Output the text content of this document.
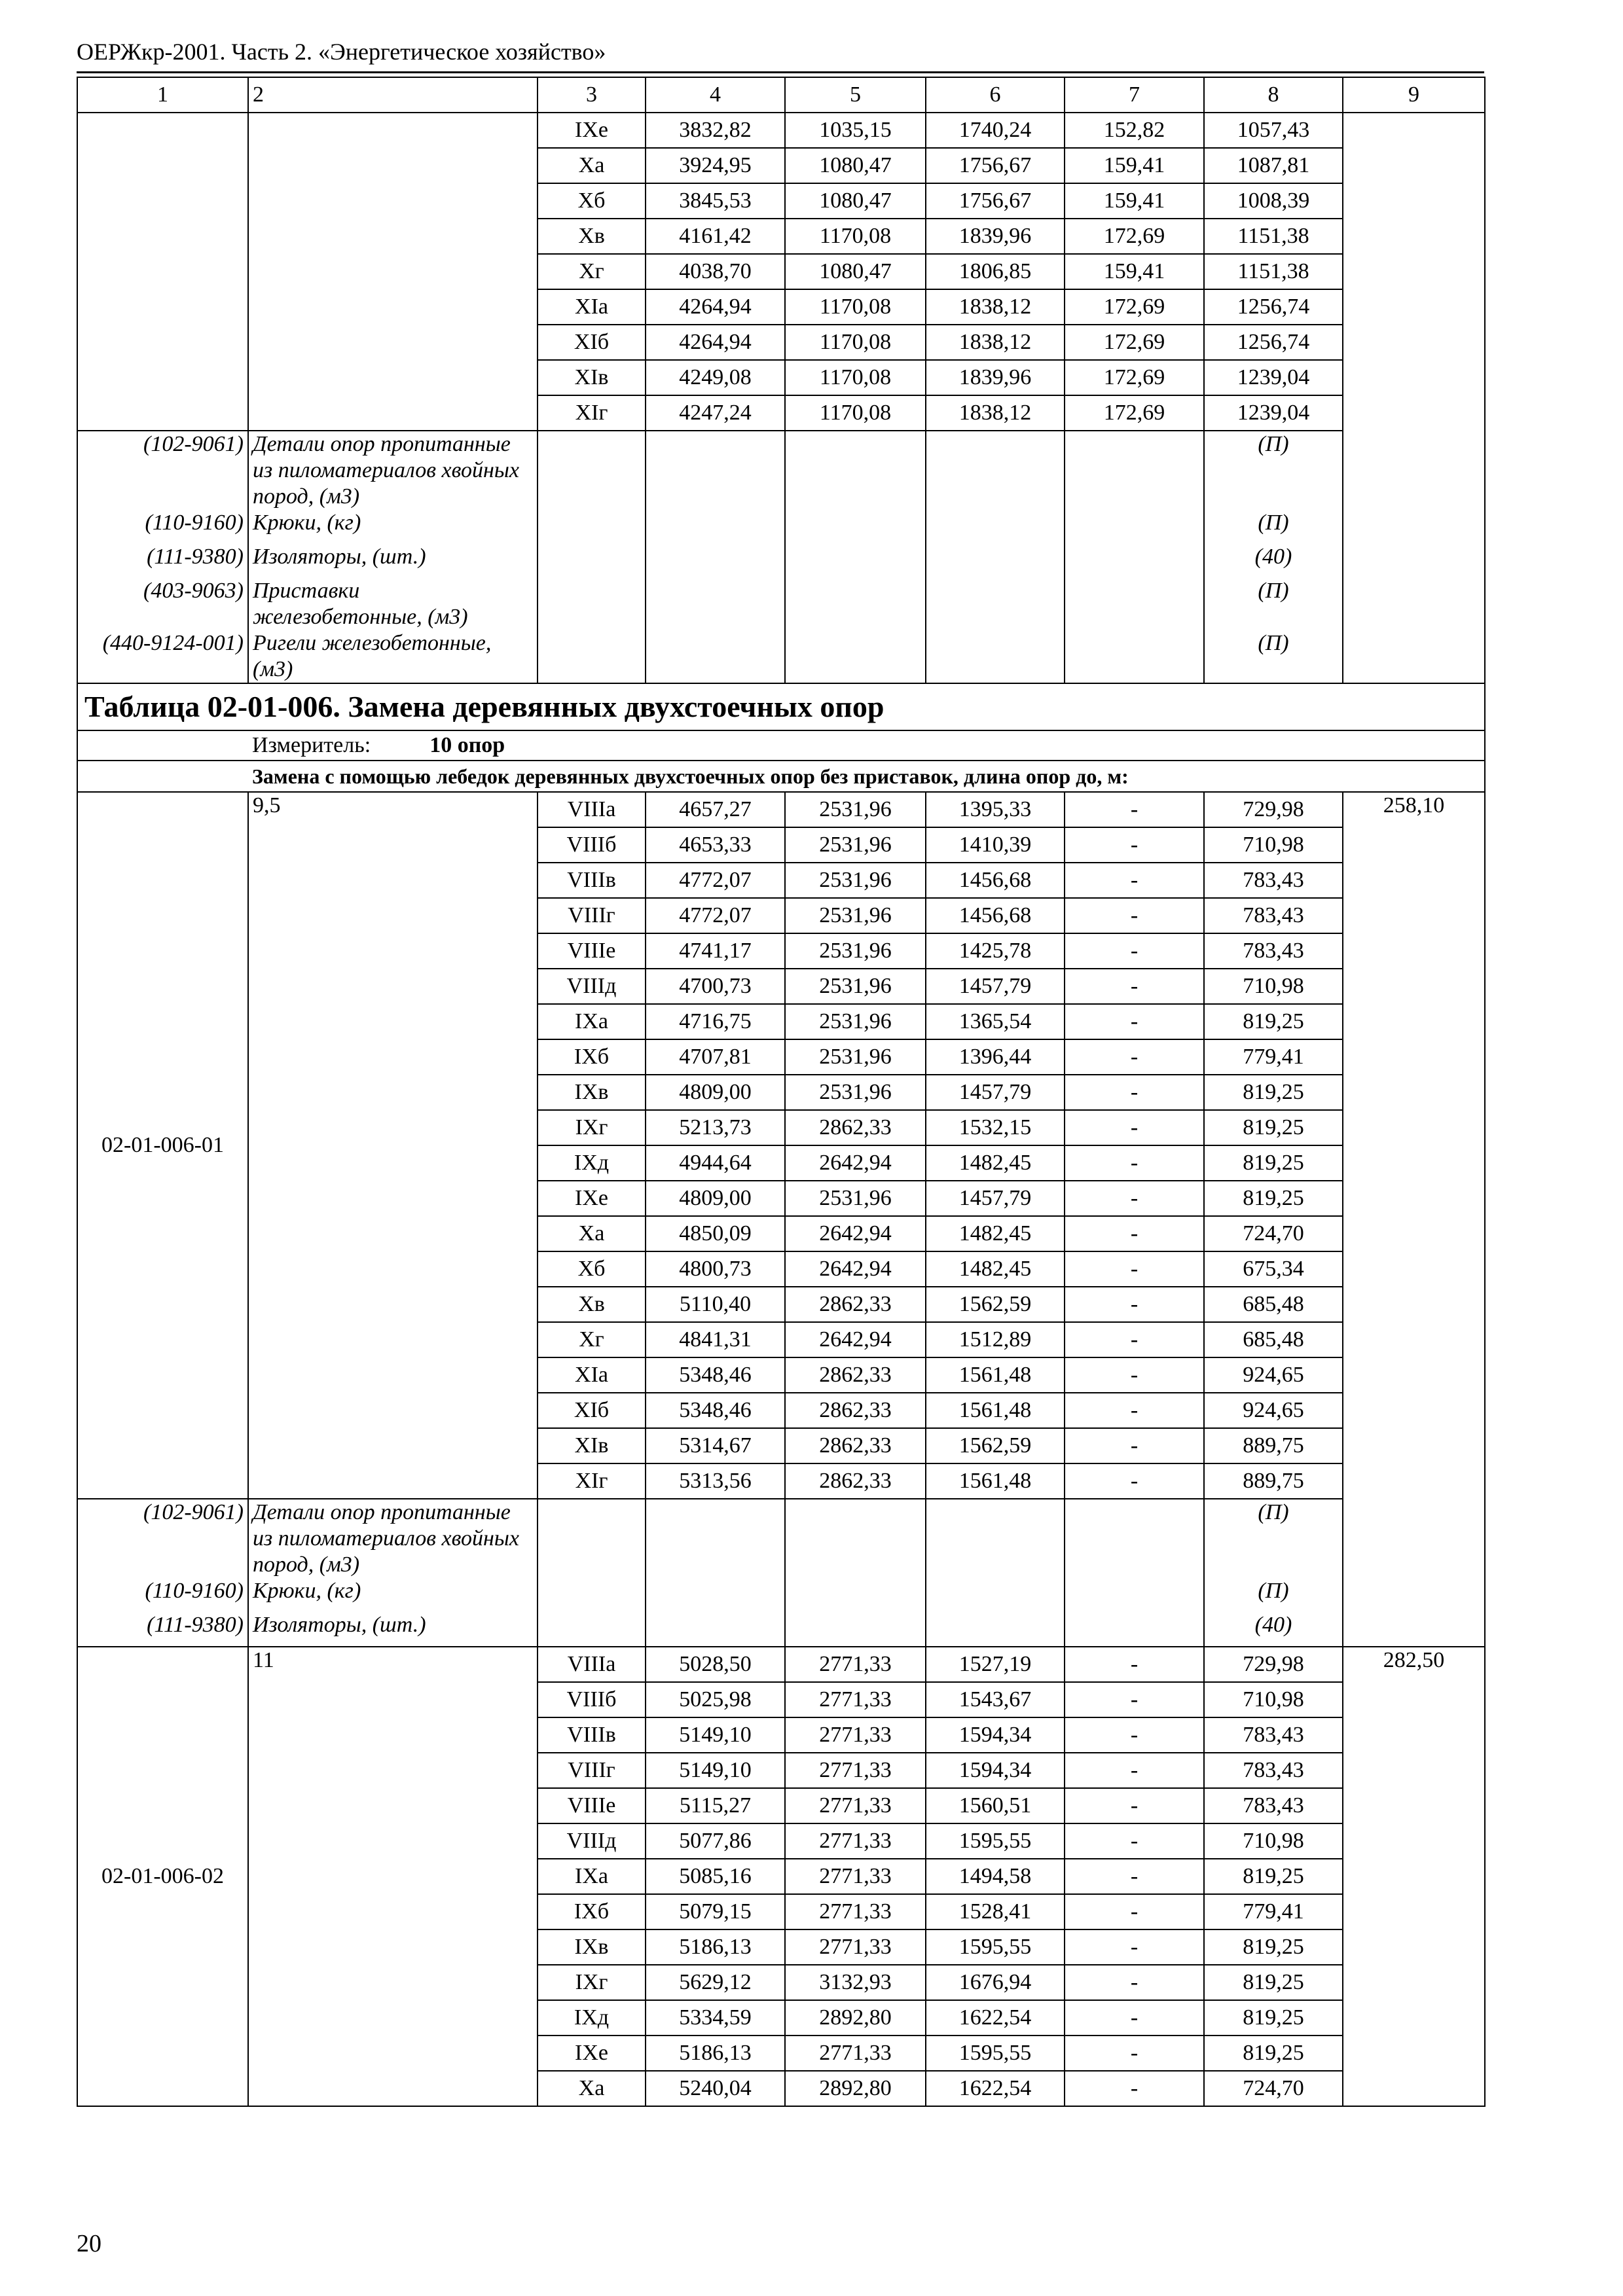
ОЕРЖкр-2001. Часть 2. «Энергетическое хозяйство»
1	2	3	4	5	6	7	8	9
		IXе	3832,82	1035,15	1740,24	152,82	1057,43	
		Xа	3924,95	1080,47	1756,67	159,41	1087,81	
		Xб	3845,53	1080,47	1756,67	159,41	1008,39	
		Xв	4161,42	1170,08	1839,96	172,69	1151,38	
		Xг	4038,70	1080,47	1806,85	159,41	1151,38	
		XIа	4264,94	1170,08	1838,12	172,69	1256,74	
		XIб	4264,94	1170,08	1838,12	172,69	1256,74	
		XIв	4249,08	1170,08	1839,96	172,69	1239,04	
		XIг	4247,24	1170,08	1838,12	172,69	1239,04	
(102-9061)	Детали опор пропитанные из пиломатериалов хвойных пород, (м3)						(П)	
(110-9160)	Крюки, (кг)						(П)	
(111-9380)	Изоляторы, (шт.)						(40)	
(403-9063)	Приставки железобетонные, (м3)						(П)	
(440-9124-001)	Ригели железобетонные, (м3)						(П)	
Таблица 02-01-006. Замена деревянных двухстоечных опор								
	Измеритель: 10 опор							
	Замена с помощью лебедок деревянных двухстоечных опор без приставок, длина опор до, м:							
02-01-006-01	9,5	VIIIа	4657,27	2531,96	1395,33	-	729,98	258,10
		VIIIб	4653,33	2531,96	1410,39	-	710,98	
		VIIIв	4772,07	2531,96	1456,68	-	783,43	
		VIIIг	4772,07	2531,96	1456,68	-	783,43	
		VIIIе	4741,17	2531,96	1425,78	-	783,43	
		VIIIд	4700,73	2531,96	1457,79	-	710,98	
		IXа	4716,75	2531,96	1365,54	-	819,25	
		IXб	4707,81	2531,96	1396,44	-	779,41	
		IXв	4809,00	2531,96	1457,79	-	819,25	
		IXг	5213,73	2862,33	1532,15	-	819,25	
		IXд	4944,64	2642,94	1482,45	-	819,25	
		IXе	4809,00	2531,96	1457,79	-	819,25	
		Xа	4850,09	2642,94	1482,45	-	724,70	
		Xб	4800,73	2642,94	1482,45	-	675,34	
		Xв	5110,40	2862,33	1562,59	-	685,48	
		Xг	4841,31	2642,94	1512,89	-	685,48	
		XIа	5348,46	2862,33	1561,48	-	924,65	
		XIб	5348,46	2862,33	1561,48	-	924,65	
		XIв	5314,67	2862,33	1562,59	-	889,75	
		XIг	5313,56	2862,33	1561,48	-	889,75	
(102-9061)	Детали опор пропитанные из пиломатериалов хвойных пород, (м3)						(П)	
(110-9160)	Крюки, (кг)						(П)	
(111-9380)	Изоляторы, (шт.)						(40)	
02-01-006-02	11	VIIIа	5028,50	2771,33	1527,19	-	729,98	282,50
		VIIIб	5025,98	2771,33	1543,67	-	710,98	
		VIIIв	5149,10	2771,33	1594,34	-	783,43	
		VIIIг	5149,10	2771,33	1594,34	-	783,43	
		VIIIе	5115,27	2771,33	1560,51	-	783,43	
		VIIIд	5077,86	2771,33	1595,55	-	710,98	
		IXа	5085,16	2771,33	1494,58	-	819,25	
		IXб	5079,15	2771,33	1528,41	-	779,41	
		IXв	5186,13	2771,33	1595,55	-	819,25	
		IXг	5629,12	3132,93	1676,94	-	819,25	
		IXд	5334,59	2892,80	1622,54	-	819,25	
		IXе	5186,13	2771,33	1595,55	-	819,25	
		Xа	5240,04	2892,80	1622,54	-	724,70	
20
